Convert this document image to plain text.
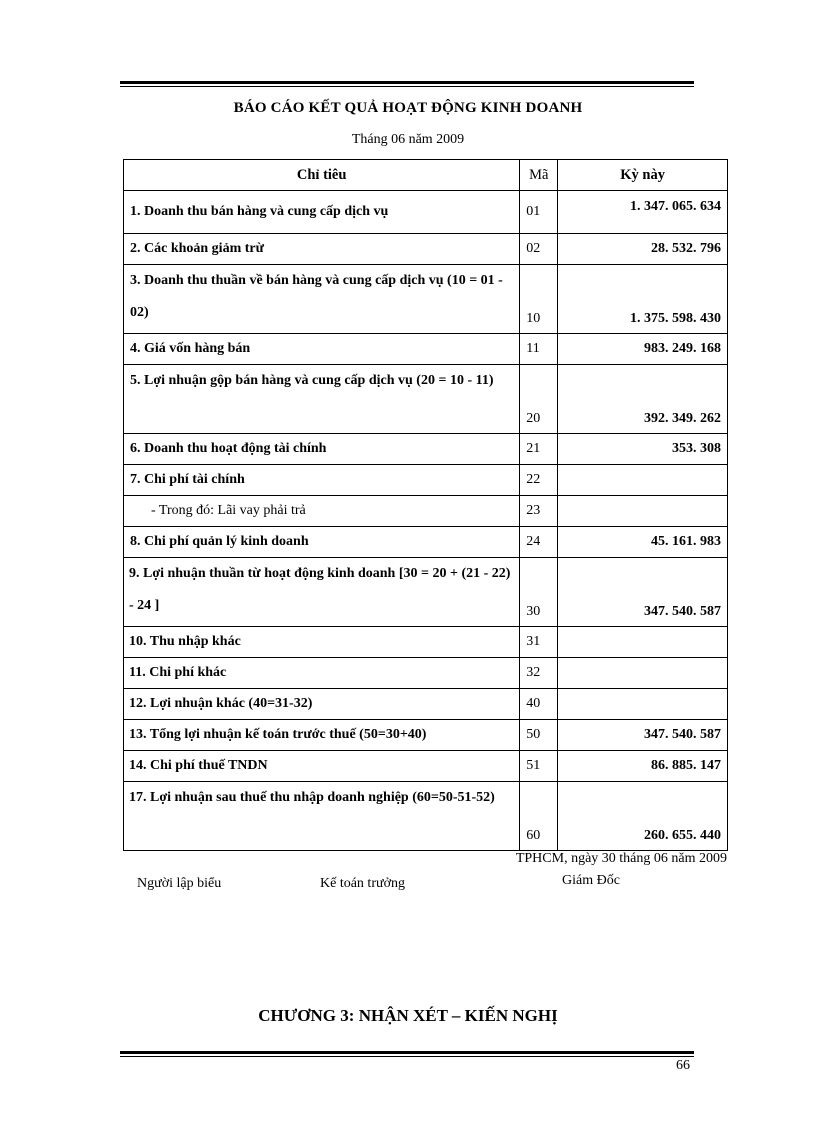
BÁO CÁO KẾT QUẢ HOẠT ĐỘNG KINH DOANH
Tháng 06 năm 2009
Chỉ tiêu	Mã	Kỳ này
1. Doanh thu bán hàng và cung cấp dịch vụ	01	1. 347. 065. 634
2. Các khoản giảm trừ	02	28. 532. 796
3. Doanh thu thuần về bán hàng và cung cấp dịch vụ (10 = 01 - 02)	10	1. 375. 598. 430
4. Giá vốn hàng bán	11	983. 249. 168
5. Lợi nhuận gộp bán hàng và cung cấp dịch vụ (20 = 10 - 11)	20	392. 349. 262
6. Doanh thu hoạt động tài chính	21	353. 308
7. Chi phí tài chính	22	
- Trong đó: Lãi vay phải trả	23	
8. Chi phí quản lý kinh doanh	24	45. 161. 983
9. Lợi nhuận thuần từ hoạt động kinh doanh [30 = 20 + (21 - 22) - 24 ]	30	347. 540. 587
10. Thu nhập khác	31	
11. Chi phí khác	32	
12. Lợi nhuận khác (40=31-32)	40	
13. Tổng lợi nhuận kế toán trước thuế (50=30+40)	50	347. 540. 587
14. Chi phí thuế TNDN	51	86. 885. 147
17. Lợi nhuận sau thuế thu nhập doanh nghiệp (60=50-51-52)	60	260. 655. 440
TPHCM, ngày 30 tháng 06 năm 2009
Người lập biểu	Kế toán trưởng	Giám Đốc
CHƯƠNG 3: NHẬN XÉT – KIẾN NGHỊ
66
